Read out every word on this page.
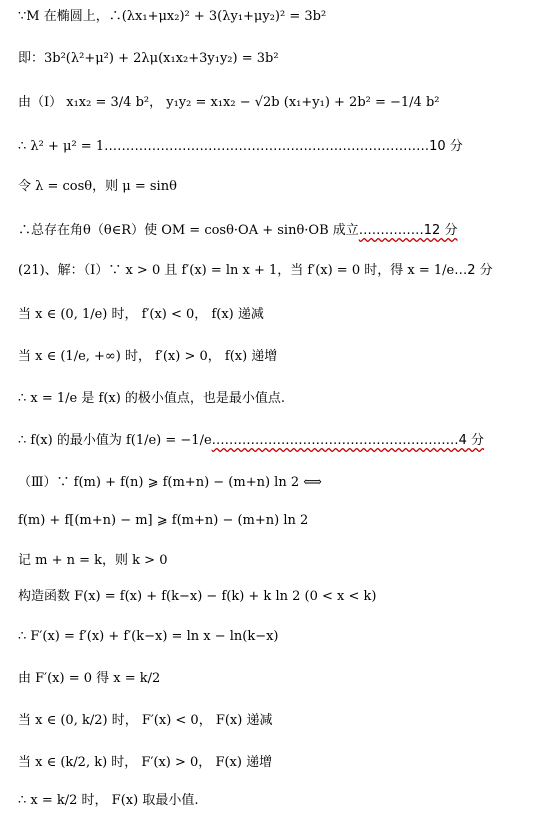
∵M 在椭圆上，∴(λx₁+μx₂)² + 3(λy₁+μy₂)² = 3b²
即：3b²(λ²+μ²) + 2λμ(x₁x₂+3y₁y₂) = 3b²
由（Ⅰ） x₁x₂ = 3/4 b²， y₁y₂ = x₁x₂ − √2b (x₁+y₁) + 2b² = −1/4 b²
∴ λ² + μ² = 1…………………………………………………………………10 分
令 λ = cosθ，则 μ = sinθ
∴总存在角θ（θ∈R）使 OM = cosθ·OA + sinθ·OB 成立……………12 分
(21)、解：（Ⅰ）∵ x > 0 且 f′(x) = ln x + 1，当 f′(x) = 0 时，得 x = 1/e…2 分
当 x ∈ (0, 1/e) 时， f′(x) < 0， f(x) 递减
当 x ∈ (1/e, +∞) 时， f′(x) > 0， f(x) 递增
∴ x = 1/e 是 f(x) 的极小值点，也是最小值点.
∴ f(x) 的最小值为 f(1/e) = −1/e…………………………………………………4 分
（Ⅲ）∵ f(m) + f(n) ⩾ f(m+n) − (m+n) ln 2 ⟺
f(m) + f[(m+n) − m] ⩾ f(m+n) − (m+n) ln 2
记 m + n = k，则 k > 0
构造函数 F(x) = f(x) + f(k−x) − f(k) + k ln 2 (0 < x < k)
∴ F′(x) = f′(x) + f′(k−x) = ln x − ln(k−x)
由 F′(x) = 0 得 x = k/2
当 x ∈ (0, k/2) 时， F′(x) < 0， F(x) 递减
当 x ∈ (k/2, k) 时， F′(x) > 0， F(x) 递增
∴ x = k/2 时， F(x) 取最小值.
